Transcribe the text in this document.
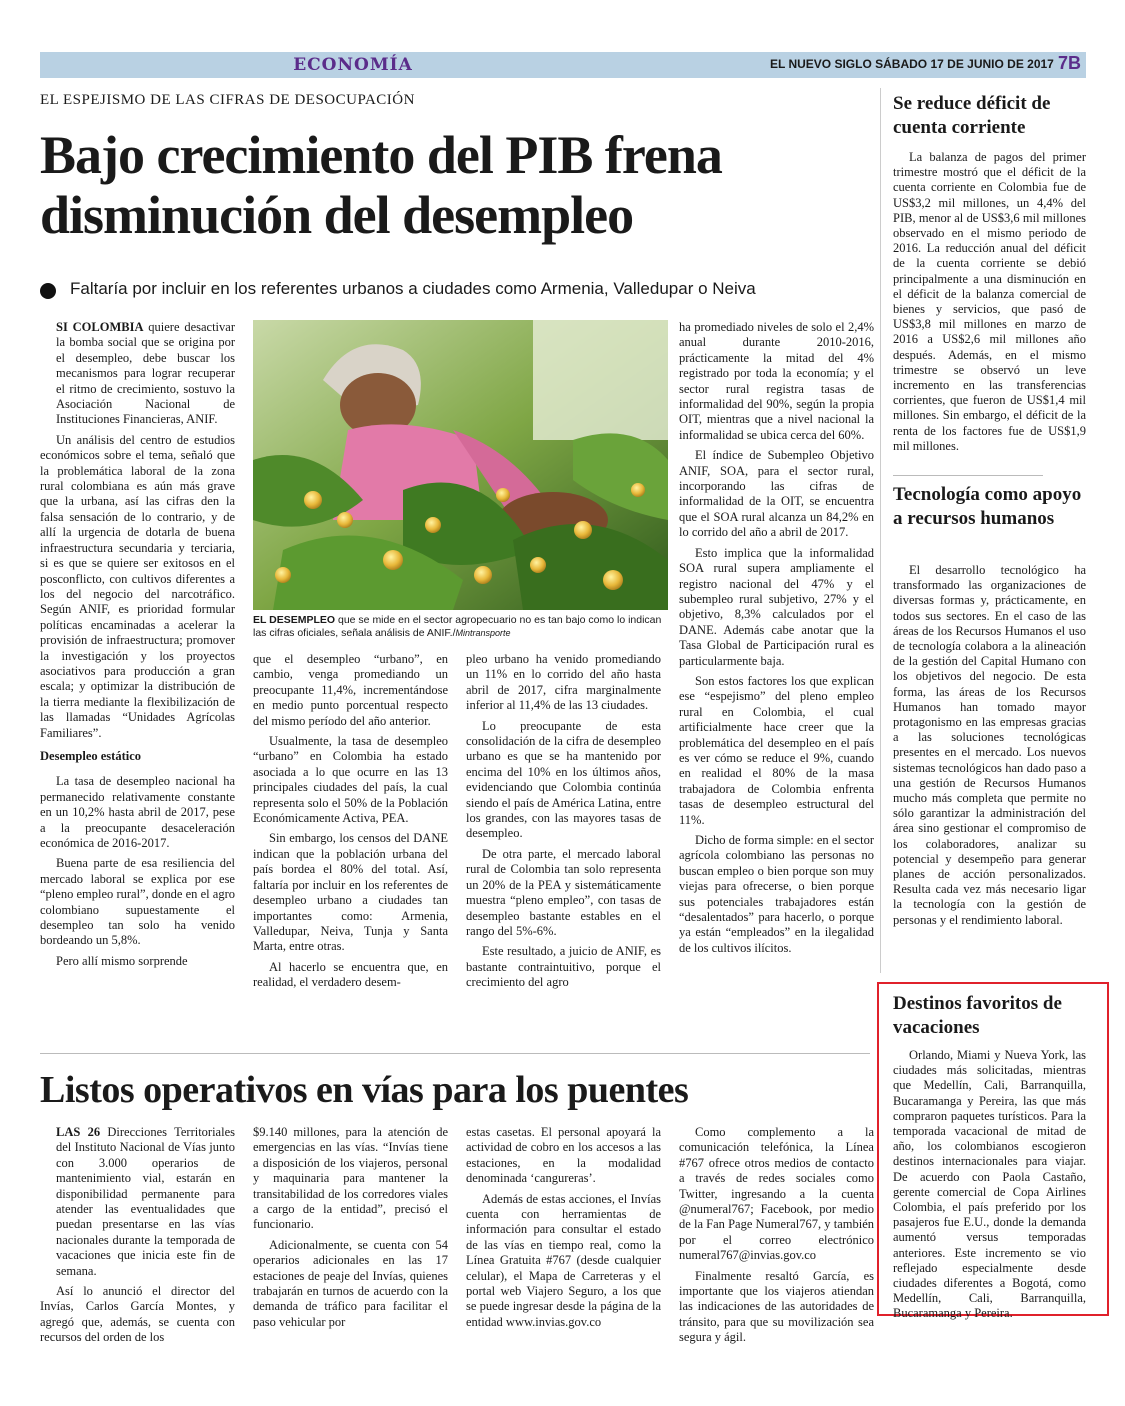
ECONOMÍA	EL NUEVO SIGLO SÁBADO 17 DE JUNIO DE 2017 7B
EL ESPEJISMO DE LAS CIFRAS DE DESOCUPACIÓN
Bajo crecimiento del PIB frena disminución del desempleo
Faltaría por incluir en los referentes urbanos a ciudades como Armenia, Valledupar o Neiva

SI COLOMBIA quiere desactivar la bomba social que se origina por el desempleo, debe buscar los mecanismos para lograr recuperar el ritmo de crecimiento, sostuvo la Asociación Nacional de Instituciones Financieras, ANIF.

Un análisis del centro de estudios económicos sobre el tema, señaló que la problemática laboral de la zona rural colombiana es aún más grave que la urbana, así las cifras den la falsa sensación de lo contrario, y de allí la urgencia de dotarla de buena infraestructura secundaria y terciaria, si es que se quiere ser exitosos en el posconflicto, con cultivos diferentes a los del negocio del narcotráfico. Según ANIF, es prioridad formular políticas encaminadas a acelerar la provisión de infraestructura; promover la investigación y los proyectos asociativos para producción a gran escala; y optimizar la distribución de la tierra mediante la flexibilización de las llamadas “Unidades Agrícolas Familiares”.

Desempleo estático

La tasa de desempleo nacional ha permanecido relativamente constante en un 10,2% hasta abril de 2017, pese a la preocupante desaceleración económica de 2016-2017.

Buena parte de esa resiliencia del mercado laboral se explica por ese “pleno empleo rural”, donde en el agro colombiano supuestamente el desempleo tan solo ha venido bordeando un 5,8%.

Pero allí mismo sorprende

EL DESEMPLEO que se mide en el sector agropecuario no es tan bajo como lo indican las cifras oficiales, señala análisis de ANIF./Mintransporte

que el desempleo “urbano”, en cambio, venga promediando un preocupante 11,4%, incrementándose en medio punto porcentual respecto del mismo período del año anterior.

Usualmente, la tasa de desempleo “urbano” en Colombia ha estado asociada a lo que ocurre en las 13 principales ciudades del país, la cual representa solo el 50% de la Población Económicamente Activa, PEA.

Sin embargo, los censos del DANE indican que la población urbana del país bordea el 80% del total. Así, faltaría por incluir en los referentes de desempleo urbano a ciudades tan importantes como: Armenia, Valledupar, Neiva, Tunja y Santa Marta, entre otras.

Al hacerlo se encuentra que, en realidad, el verdadero desem-

pleo urbano ha venido promediando un 11% en lo corrido del año hasta abril de 2017, cifra marginalmente inferior al 11,4% de las 13 ciudades.

Lo preocupante de esta consolidación de la cifra de desempleo urbano es que se ha mantenido por encima del 10% en los últimos años, evidenciando que Colombia continúa siendo el país de América Latina, entre los grandes, con las mayores tasas de desempleo.

De otra parte, el mercado laboral rural de Colombia tan solo representa un 20% de la PEA y sistemáticamente muestra “pleno empleo”, con tasas de desempleo bastante estables en el rango del 5%-6%.

Este resultado, a juicio de ANIF, es bastante contraintuitivo, porque el crecimiento del agro

ha promediado niveles de solo el 2,4% anual durante 2010-2016, prácticamente la mitad del 4% registrado por toda la economía; y el sector rural registra tasas de informalidad del 90%, según la propia OIT, mientras que a nivel nacional la informalidad se ubica cerca del 60%.

El índice de Subempleo Objetivo ANIF, SOA, para el sector rural, incorporando las cifras de informalidad de la OIT, se encuentra que el SOA rural alcanza un 84,2% en lo corrido del año a abril de 2017.

Esto implica que la informalidad SOA rural supera ampliamente el registro nacional del 47% y el subempleo rural subjetivo, 27% y el objetivo, 8,3% calculados por el DANE. Además cabe anotar que la Tasa Global de Participación rural es particularmente baja.

Son estos factores los que explican ese “espejismo” del pleno empleo rural en Colombia, el cual artificialmente hace creer que la problemática del desempleo en el país es ver cómo se reduce el 9%, cuando en realidad el 80% de la masa trabajadora de Colombia enfrenta tasas de desempleo estructural del 11%.

Dicho de forma simple: en el sector agrícola colombiano las personas no buscan empleo o bien porque son muy viejas para ofrecerse, o bien porque sus potenciales trabajadores están “desalentados” para hacerlo, o porque ya están “empleados” en la ilegalidad de los cultivos ilícitos.

Listos operativos en vías para los puentes

LAS 26 Direcciones Territoriales del Instituto Nacional de Vías junto con 3.000 operarios de mantenimiento vial, estarán en disponibilidad permanente para atender las eventualidades que puedan presentarse en las vías nacionales durante la temporada de vacaciones que inicia este fin de semana.

Así lo anunció el director del Invías, Carlos García Montes, y agregó que, además, se cuenta con recursos del orden de los

$9.140 millones, para la atención de emergencias en las vías. “Invías tiene a disposición de los viajeros, personal y maquinaria para mantener la transitabilidad de los corredores viales a cargo de la entidad”, precisó el funcionario.

Adicionalmente, se cuenta con 54 operarios adicionales en las 17 estaciones de peaje del Invías, quienes trabajarán en turnos de acuerdo con la demanda de tráfico para facilitar el paso vehicular por

estas casetas. El personal apoyará la actividad de cobro en los accesos a las estaciones, en la modalidad denominada ‘cangureras’.

Además de estas acciones, el Invías cuenta con herramientas de información para consultar el estado de las vías en tiempo real, como la Línea Gratuita #767 (desde cualquier celular), el Mapa de Carreteras y el portal web Viajero Seguro, a los que se puede ingresar desde la página de la entidad www.invias.gov.co

Como complemento a la comunicación telefónica, la Línea #767 ofrece otros medios de contacto a través de redes sociales como Twitter, ingresando a la cuenta @numeral767; Facebook, por medio de la Fan Page Numeral767, y también por el correo electrónico numeral767@invias.gov.co

Finalmente resaltó García, es importante que los viajeros atiendan las indicaciones de las autoridades de tránsito, para que su movilización sea segura y ágil.

Se reduce déficit de cuenta corriente

La balanza de pagos del primer trimestre mostró que el déficit de la cuenta corriente en Colombia fue de US$3,2 mil millones, un 4,4% del PIB, menor al de US$3,6 mil millones observado en el mismo periodo de 2016. La reducción anual del déficit de la cuenta corriente se debió principalmente a una disminución en el déficit de la balanza comercial de bienes y servicios, que pasó de US$3,8 mil millones en marzo de 2016 a US$2,6 mil millones año después. Además, en el mismo trimestre se observó un leve incremento en las transferencias corrientes, que fueron de US$1,4 mil millones. Sin embargo, el déficit de la renta de los factores fue de US$1,9 mil millones.

Tecnología como apoyo a recursos humanos

El desarrollo tecnológico ha transformado las organizaciones de diversas formas y, prácticamente, en todos sus sectores. En el caso de las áreas de los Recursos Humanos el uso de tecnología colabora a la alineación de la gestión del Capital Humano con los objetivos del negocio. De esta forma, las áreas de los Recursos Humanos han tomado mayor protagonismo en las empresas gracias a las soluciones tecnológicas presentes en el mercado. Los nuevos sistemas tecnológicos han dado paso a una gestión de Recursos Humanos mucho más completa que permite no sólo garantizar la administración del área sino gestionar el compromiso de los colaboradores, analizar su potencial y desempeño para generar planes de acción personalizados. Resulta cada vez más necesario ligar la tecnología con la gestión de personas y el rendimiento laboral.

Destinos favoritos de vacaciones

Orlando, Miami y Nueva York, las ciudades más solicitadas, mientras que Medellín, Cali, Barranquilla, Bucaramanga y Pereira, las que más compraron paquetes turísticos. Para la temporada vacacional de mitad de año, los colombianos escogieron destinos internacionales para viajar. De acuerdo con Paola Castaño, gerente comercial de Copa Airlines Colombia, el país preferido por los pasajeros fue E.U., donde la demanda aumentó versus temporadas anteriores. Este incremento se vio reflejado especialmente desde ciudades diferentes a Bogotá, como Medellín, Cali, Barranquilla, Bucaramanga y Pereira.
